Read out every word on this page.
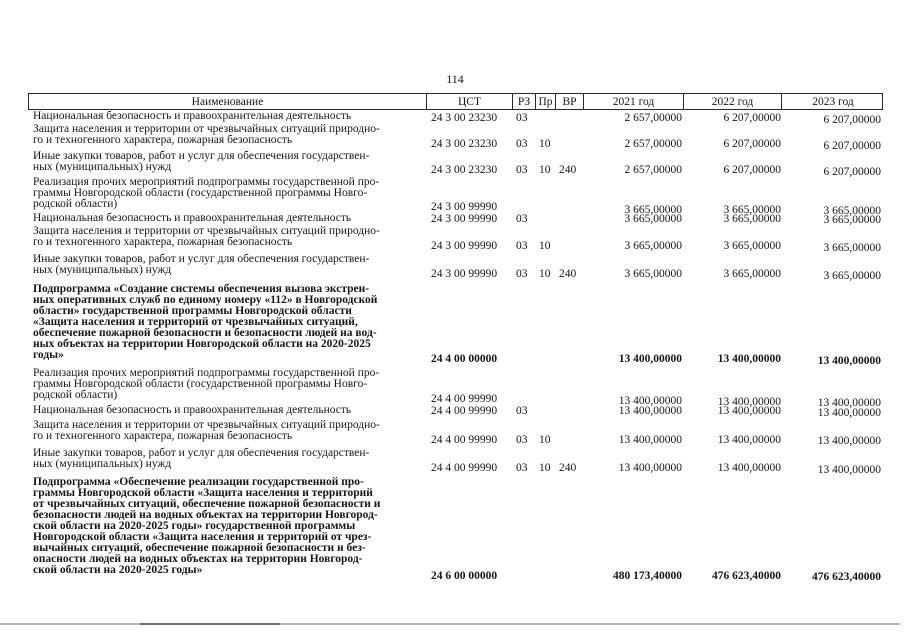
114
Наименование	ЦСТ	РЗ Пр ВР	2021 год	2022 год	2023 год
Национальная безопасность и правоохранительная деятельность	24 3 00 23230 03	2 657,00000	6 207,00000	6 207,00000
Защита населения и территории от чрезвычайных ситуаций природно-
го и техногенного характера, пожарная безопасность	24 3 00 23230 03 10	2 657,00000	6 207,00000	6 207,00000
Иные закупки товаров, работ и услуг для обеспечения государствен-
ных (муниципальных) нужд	24 3 00 23230 03 10 240	2 657,00000	6 207,00000	6 207,00000
Реализация прочих мероприятий подпрограммы государственной про-
граммы Новгородской области (государственной программы Новго-
родской области)	24 3 00 99990	3 665,00000	3 665,00000	3 665,00000
Национальная безопасность и правоохранительная деятельность	24 3 00 99990 03	3 665,00000	3 665,00000	3 665,00000
Защита населения и территории от чрезвычайных ситуаций природно-
го и техногенного характера, пожарная безопасность	24 3 00 99990 03 10	3 665,00000	3 665,00000	3 665,00000
Иные закупки товаров, работ и услуг для обеспечения государствен-
ных (муниципальных) нужд	24 3 00 99990 03 10 240	3 665,00000	3 665,00000	3 665,00000
Подпрограмма «Создание системы обеспечения вызова экстрен-
ных оперативных служб по единому номеру «112» в Новгородской
области» государственной программы Новгородской области
«Защита населения и территорий от чрезвычайных ситуаций,
обеспечение пожарной безопасности и безопасности людей на вод-
ных объектах на территории Новгородской области на 2020-2025
годы»	24 4 00 00000	13 400,00000	13 400,00000	13 400,00000
Реализация прочих мероприятий подпрограммы государственной про-
граммы Новгородской области (государственной программы Новго-
родской области)	24 4 00 99990	13 400,00000	13 400,00000	13 400,00000
Национальная безопасность и правоохранительная деятельность	24 4 00 99990 03	13 400,00000	13 400,00000	13 400,00000
Защита населения и территории от чрезвычайных ситуаций природно-
го и техногенного характера, пожарная безопасность	24 4 00 99990 03 10	13 400,00000	13 400,00000	13 400,00000
Иные закупки товаров, работ и услуг для обеспечения государствен-
ных (муниципальных) нужд	24 4 00 99990 03 10 240	13 400,00000	13 400,00000	13 400,00000
Подпрограмма «Обеспечение реализации государственной про-
граммы Новгородской области «Защита населения и территорий
от чрезвычайных ситуаций, обеспечение пожарной безопасности и
безопасности людей на водных объектах на территории Новгород-
ской области на 2020-2025 годы» государственной программы
Новгородской области «Защита населения и территорий от чрез-
вычайных ситуаций, обеспечение пожарной безопасности и без-
опасности людей на водных объектах на территории Новгород-
ской области на 2020-2025 годы»	24 6 00 00000	480 173,40000	476 623,40000	476 623,40000
